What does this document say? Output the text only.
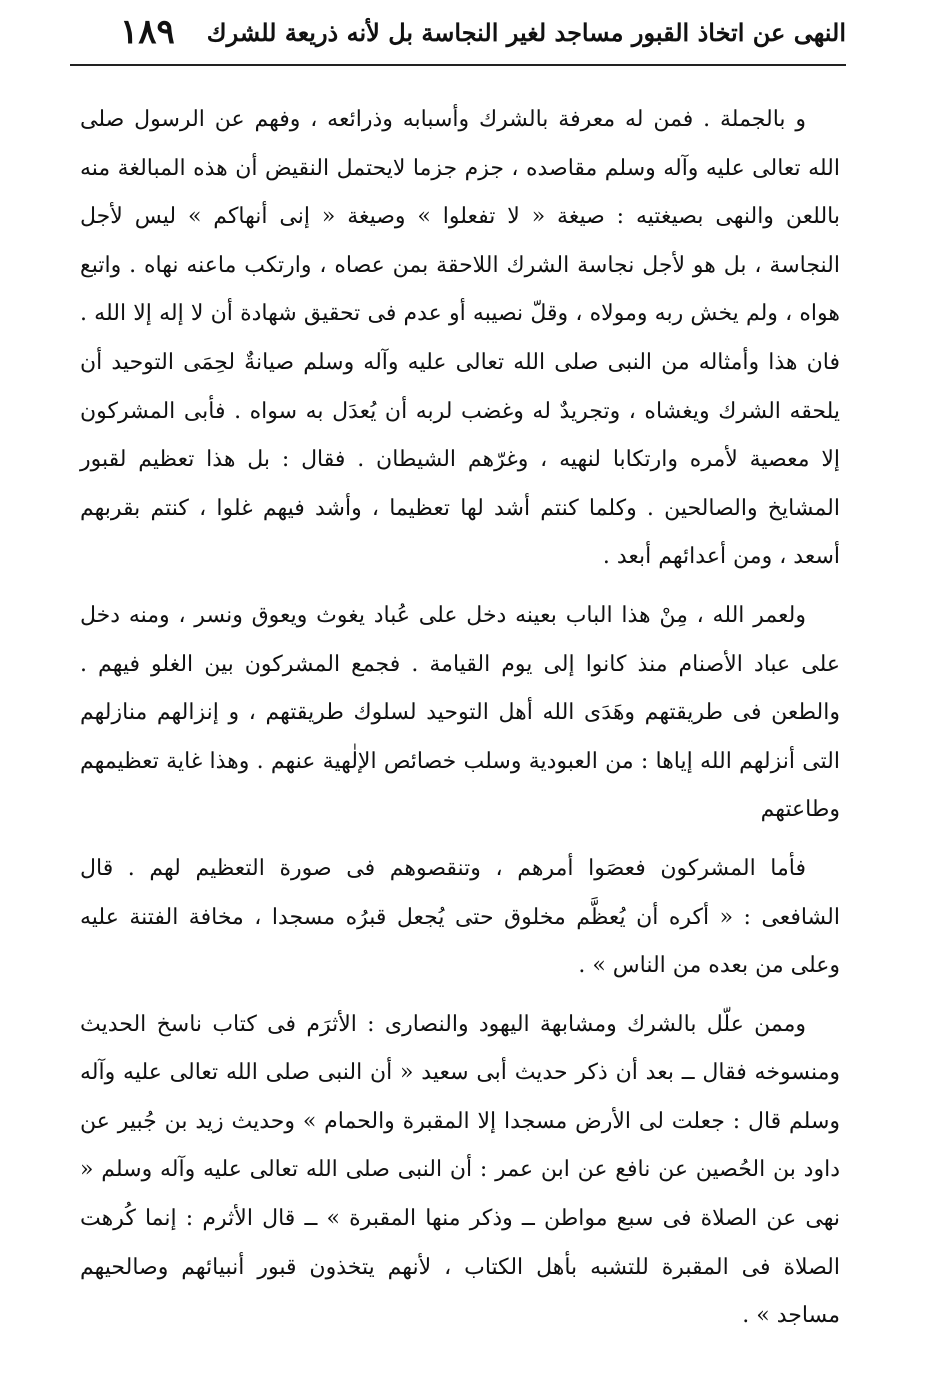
النهى عن اتخاذ القبور مساجد لغير النجاسة بل لأنه ذريعة للشرك
١٨٩

و بالجملة . فمن له معرفة بالشرك وأسبابه وذرائعه ، وفهم عن الرسول صلى الله تعالى عليه وآله وسلم مقاصده ، جزم جزما لايحتمل النقيض أن هذه المبالغة منه باللعن والنهى بصيغتيه : صيغة « لا تفعلوا » وصيغة « إنى أنهاكم » ليس لأجل النجاسة ، بل هو لأجل نجاسة الشرك اللاحقة بمن عصاه ، وارتكب ماعنه نهاه . واتبع هواه ، ولم يخش ربه ومولاه ، وقلّ نصيبه أو عدم فى تحقيق شهادة أن لا إله إلا الله . فان هذا وأمثاله من النبى صلى الله تعالى عليه وآله وسلم صيانةٌ لحِمَى التوحيد أن يلحقه الشرك ويغشاه ، وتجريدٌ له وغضب لربه أن يُعدَل به سواه . فأبى المشركون إلا معصية لأمره وارتكابا لنهيه ، وغرّهم الشيطان . فقال : بل هذا تعظيم لقبور المشايخ والصالحين . وكلما كنتم أشد لها تعظيما ، وأشد فيهم غلوا ، كنتم بقربهم أسعد ، ومن أعدائهم أبعد .

ولعمر الله ، مِنْ هذا الباب بعينه دخل على عُباد يغوث ويعوق ونسر ، ومنه دخل على عباد الأصنام منذ كانوا إلى يوم القيامة . فجمع المشركون بين الغلو فيهم . والطعن فى طريقتهم وهَدَى الله أهل التوحيد لسلوك طريقتهم ، و إنزالهم منازلهم التى أنزلهم الله إياها : من العبودية وسلب خصائص الإلٰهية عنهم . وهذا غاية تعظيمهم وطاعتهم

فأما المشركون فعصَوا أمرهم ، وتنقصوهم فى صورة التعظيم لهم . قال الشافعى : « أكره أن يُعظَّم مخلوق حتى يُجعل قبرُه مسجدا ، مخافة الفتنة عليه وعلى من بعده من الناس » .

وممن علّل بالشرك ومشابهة اليهود والنصارى : الأثرَم فى كتاب ناسخ الحديث ومنسوخه فقال ــ بعد أن ذكر حديث أبى سعيد « أن النبى صلى الله تعالى عليه وآله وسلم قال : جعلت لى الأرض مسجدا إلا المقبرة والحمام » وحديث زيد بن جُبير عن داود بن الحُصين عن نافع عن ابن عمر : أن النبى صلى الله تعالى عليه وآله وسلم « نهى عن الصلاة فى سبع مواطن ــ وذكر منها المقبرة » ــ قال الأثرم : إنما كُرهت الصلاة فى المقبرة للتشبه بأهل الكتاب ، لأنهم يتخذون قبور أنبيائهم وصالحيهم مساجد » .
